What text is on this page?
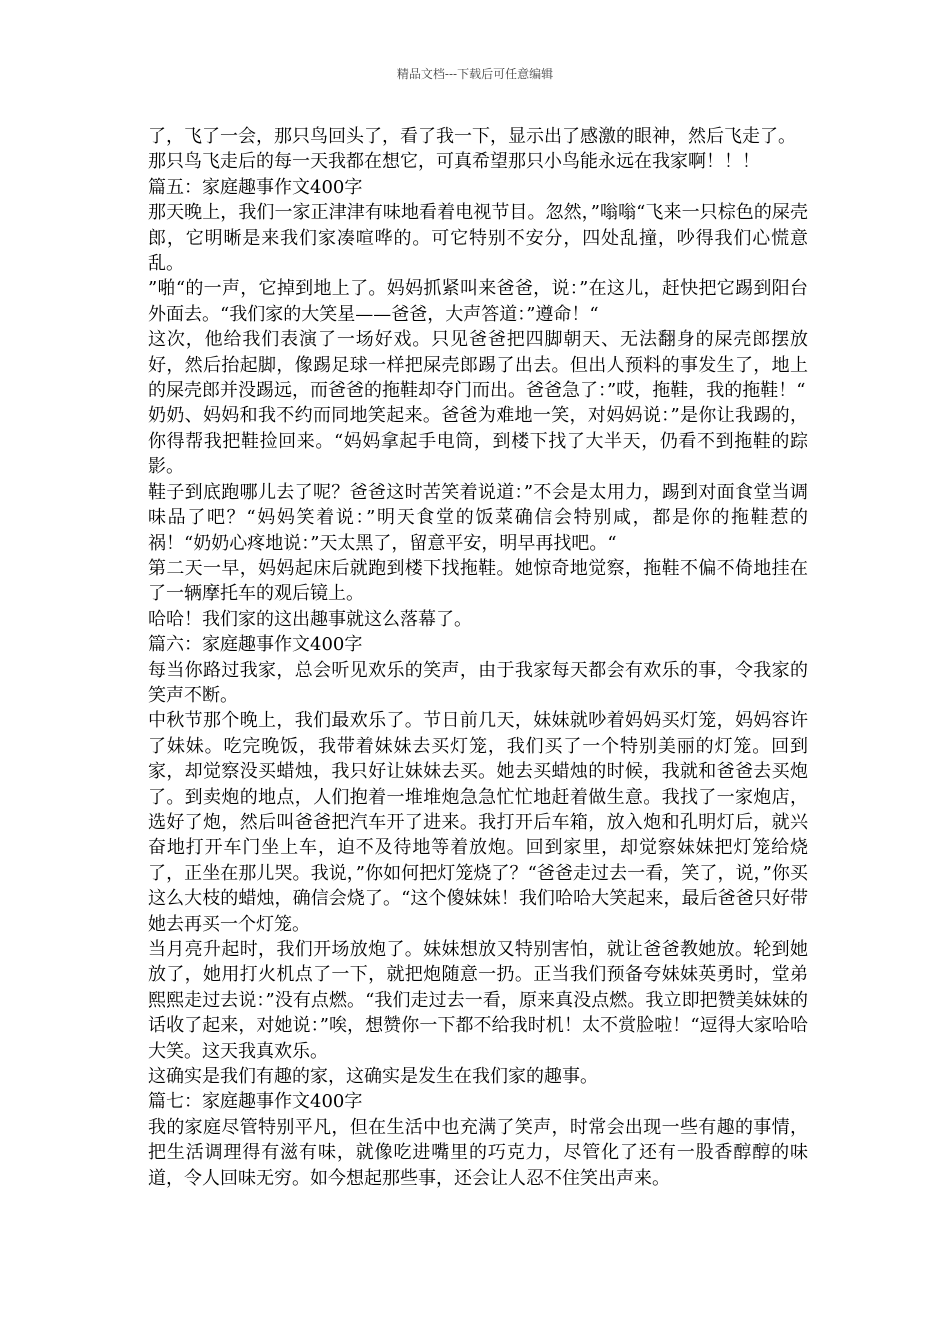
精品文档---下载后可任意编辑

了，飞了一会，那只鸟回头了，看了我一下，显示出了感激的眼神，然后飞走了。

那只鸟飞走后的每一天我都在想它，可真希望那只小鸟能永远在我家啊！！！

篇五：家庭趣事作文400字

那天晚上，我们一家正津津有味地看着电视节目。忽然，”嗡嗡“飞来一只棕色的屎壳郎，它明晰是来我们家凑喧哗的。可它特别不安分，四处乱撞，吵得我们心慌意乱。

”啪“的一声，它掉到地上了。妈妈抓紧叫来爸爸，说：”在这儿，赶快把它踢到阳台外面去。“我们家的大笑星——爸爸，大声答道：”遵命！“

这次，他给我们表演了一场好戏。只见爸爸把四脚朝天、无法翻身的屎壳郎摆放好，然后抬起脚，像踢足球一样把屎壳郎踢了出去。但出人预料的事发生了，地上的屎壳郎并没踢远，而爸爸的拖鞋却夺门而出。爸爸急了：”哎，拖鞋，我的拖鞋！“

奶奶、妈妈和我不约而同地笑起来。爸爸为难地一笑，对妈妈说：”是你让我踢的，你得帮我把鞋捡回来。“妈妈拿起手电筒，到楼下找了大半天，仍看不到拖鞋的踪影。

鞋子到底跑哪儿去了呢？爸爸这时苦笑着说道：”不会是太用力，踢到对面食堂当调味品了吧？“妈妈笑着说：”明天食堂的饭菜确信会特别咸，都是你的拖鞋惹的祸！“奶奶心疼地说：”天太黑了，留意平安，明早再找吧。“

第二天一早，妈妈起床后就跑到楼下找拖鞋。她惊奇地觉察，拖鞋不偏不倚地挂在了一辆摩托车的观后镜上。

哈哈！我们家的这出趣事就这么落幕了。

篇六：家庭趣事作文400字

每当你路过我家，总会听见欢乐的笑声，由于我家每天都会有欢乐的事，令我家的笑声不断。

中秋节那个晚上，我们最欢乐了。节日前几天，妹妹就吵着妈妈买灯笼，妈妈容许了妹妹。吃完晚饭，我带着妹妹去买灯笼，我们买了一个特别美丽的灯笼。回到家，却觉察没买蜡烛，我只好让妹妹去买。她去买蜡烛的时候，我就和爸爸去买炮了。到卖炮的地点，人们抱着一堆堆炮急急忙忙地赶着做生意。我找了一家炮店，选好了炮，然后叫爸爸把汽车开了进来。我打开后车箱，放入炮和孔明灯后，就兴奋地打开车门坐上车，迫不及待地等着放炮。回到家里，却觉察妹妹把灯笼给烧了，正坐在那儿哭。我说，”你如何把灯笼烧了？“爸爸走过去一看，笑了，说，”你买这么大枝的蜡烛，确信会烧了。“这个傻妹妹！我们哈哈大笑起来，最后爸爸只好带她去再买一个灯笼。

当月亮升起时，我们开场放炮了。妹妹想放又特别害怕，就让爸爸教她放。轮到她放了，她用打火机点了一下，就把炮随意一扔。正当我们预备夸妹妹英勇时，堂弟熙熙走过去说：”没有点燃。“我们走过去一看，原来真没点燃。我立即把赞美妹妹的话收了起来，对她说：”唉，想赞你一下都不给我时机！太不赏脸啦！“逗得大家哈哈大笑。这天我真欢乐。

这确实是我们有趣的家，这确实是发生在我们家的趣事。

篇七：家庭趣事作文400字

我的家庭尽管特别平凡，但在生活中也充满了笑声，时常会出现一些有趣的事情，把生活调理得有滋有味，就像吃进嘴里的巧克力，尽管化了还有一股香醇醇的味道，令人回味无穷。如今想起那些事，还会让人忍不住笑出声来。
